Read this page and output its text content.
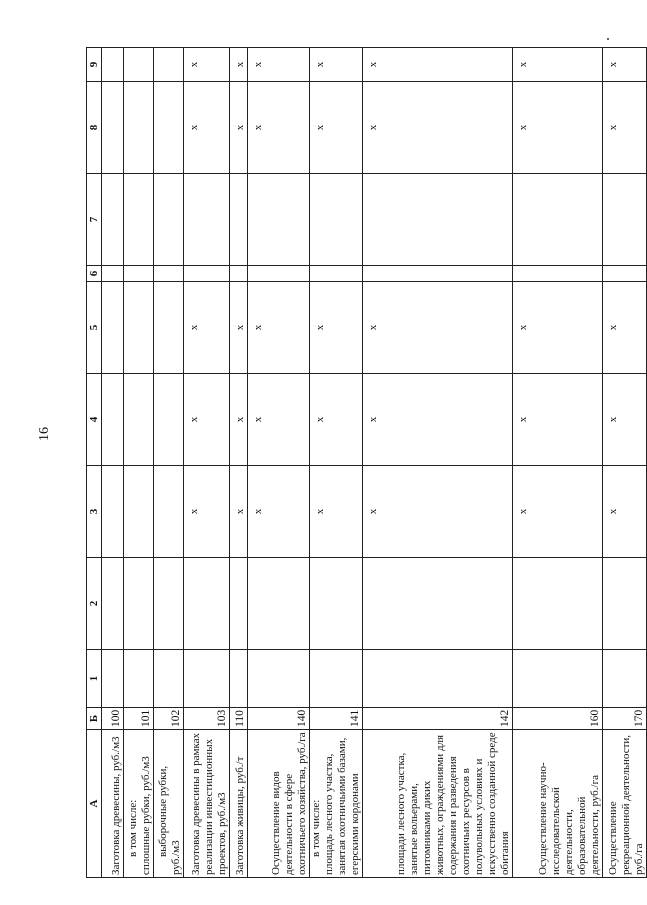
16
А	Б	1	2	3	4	5	6	7	8	9

Заготовка древесины, руб./м3	100									

в том числе: сплошные рубки, руб./м3	101									

выборочные рубки,
руб./м3	102									

Заготовка древесины в рамках реализации инвестиционных проектов, руб./м3	103			x	x	x			x	x

Заготовка живицы, руб./т	110			x	x	x			x	x

Осуществление видов деятельности в сфере охотничьего хозяйства, руб./га	140			x	x	x			x	x

в том числе: площадь лесного участка, занятая охотничьими базами, егерскими кордонами	141			x	x	x			x	x
площади лесного участка, занятые вольерами, питомниками диких животных, ограждениями для содержания и разведения охотничьих ресурсов в полувольных условиях и искусственно созданной среде обитания	142			x	x	x			x	x

Осуществление научно-исследовательской деятельности, образовательной деятельности, руб./га	160			x	x	x			x	x

Осуществление рекреационной деятельности, руб./га	170			x	x	x			x	x
